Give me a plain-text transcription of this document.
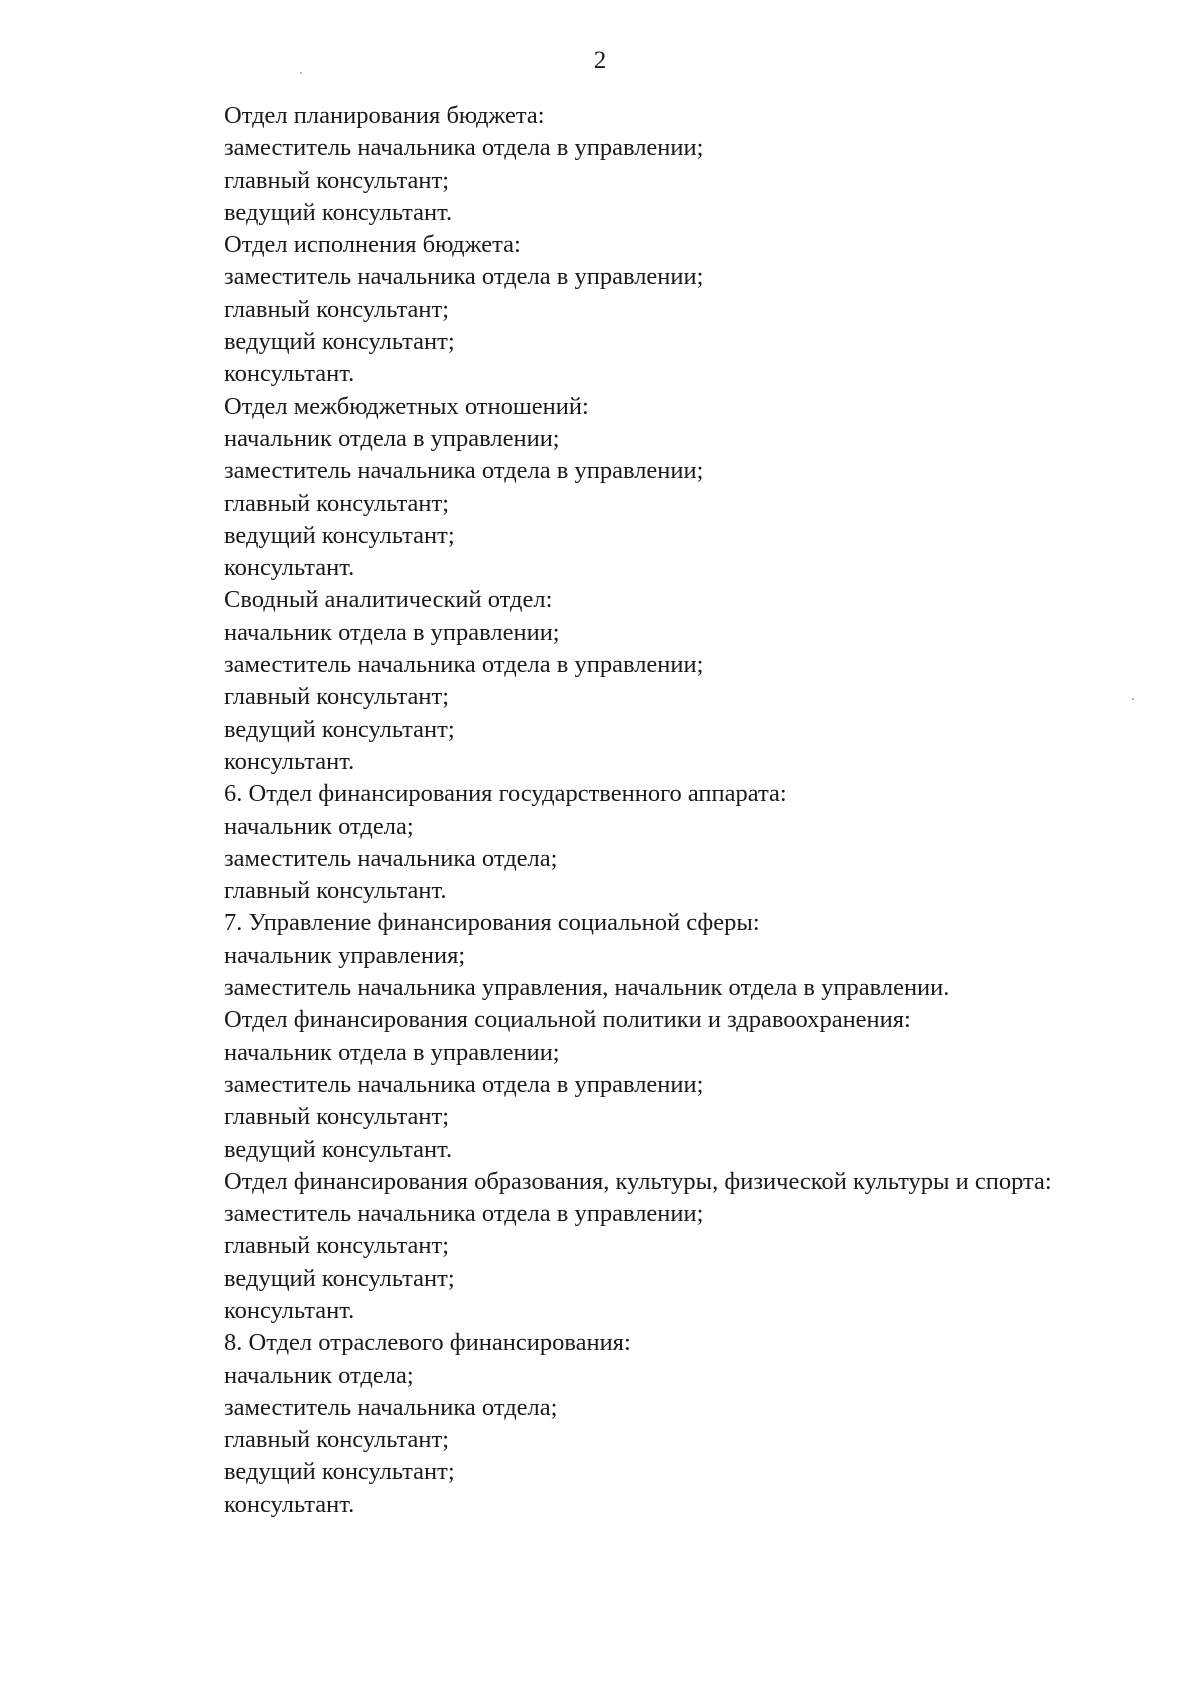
2
Отдел планирования бюджета:
заместитель начальника отдела в управлении;
главный консультант;
ведущий консультант.
Отдел исполнения бюджета:
заместитель начальника отдела в управлении;
главный консультант;
ведущий консультант;
консультант.
Отдел межбюджетных отношений:
начальник отдела в управлении;
заместитель начальника отдела в управлении;
главный консультант;
ведущий консультант;
консультант.
Сводный аналитический отдел:
начальник отдела в управлении;
заместитель начальника отдела в управлении;
главный консультант;
ведущий консультант;
консультант.
6. Отдел финансирования государственного аппарата:
начальник отдела;
заместитель начальника отдела;
главный консультант.
7. Управление финансирования социальной сферы:
начальник управления;
заместитель начальника управления, начальник отдела в управлении.
Отдел финансирования социальной политики и здравоохранения:
начальник отдела в управлении;
заместитель начальника отдела в управлении;
главный консультант;
ведущий консультант.
Отдел финансирования образования, культуры, физической культуры и спорта:
заместитель начальника отдела в управлении;
главный консультант;
ведущий консультант;
консультант.
8. Отдел отраслевого финансирования:
начальник отдела;
заместитель начальника отдела;
главный консультант;
ведущий консультант;
консультант.
